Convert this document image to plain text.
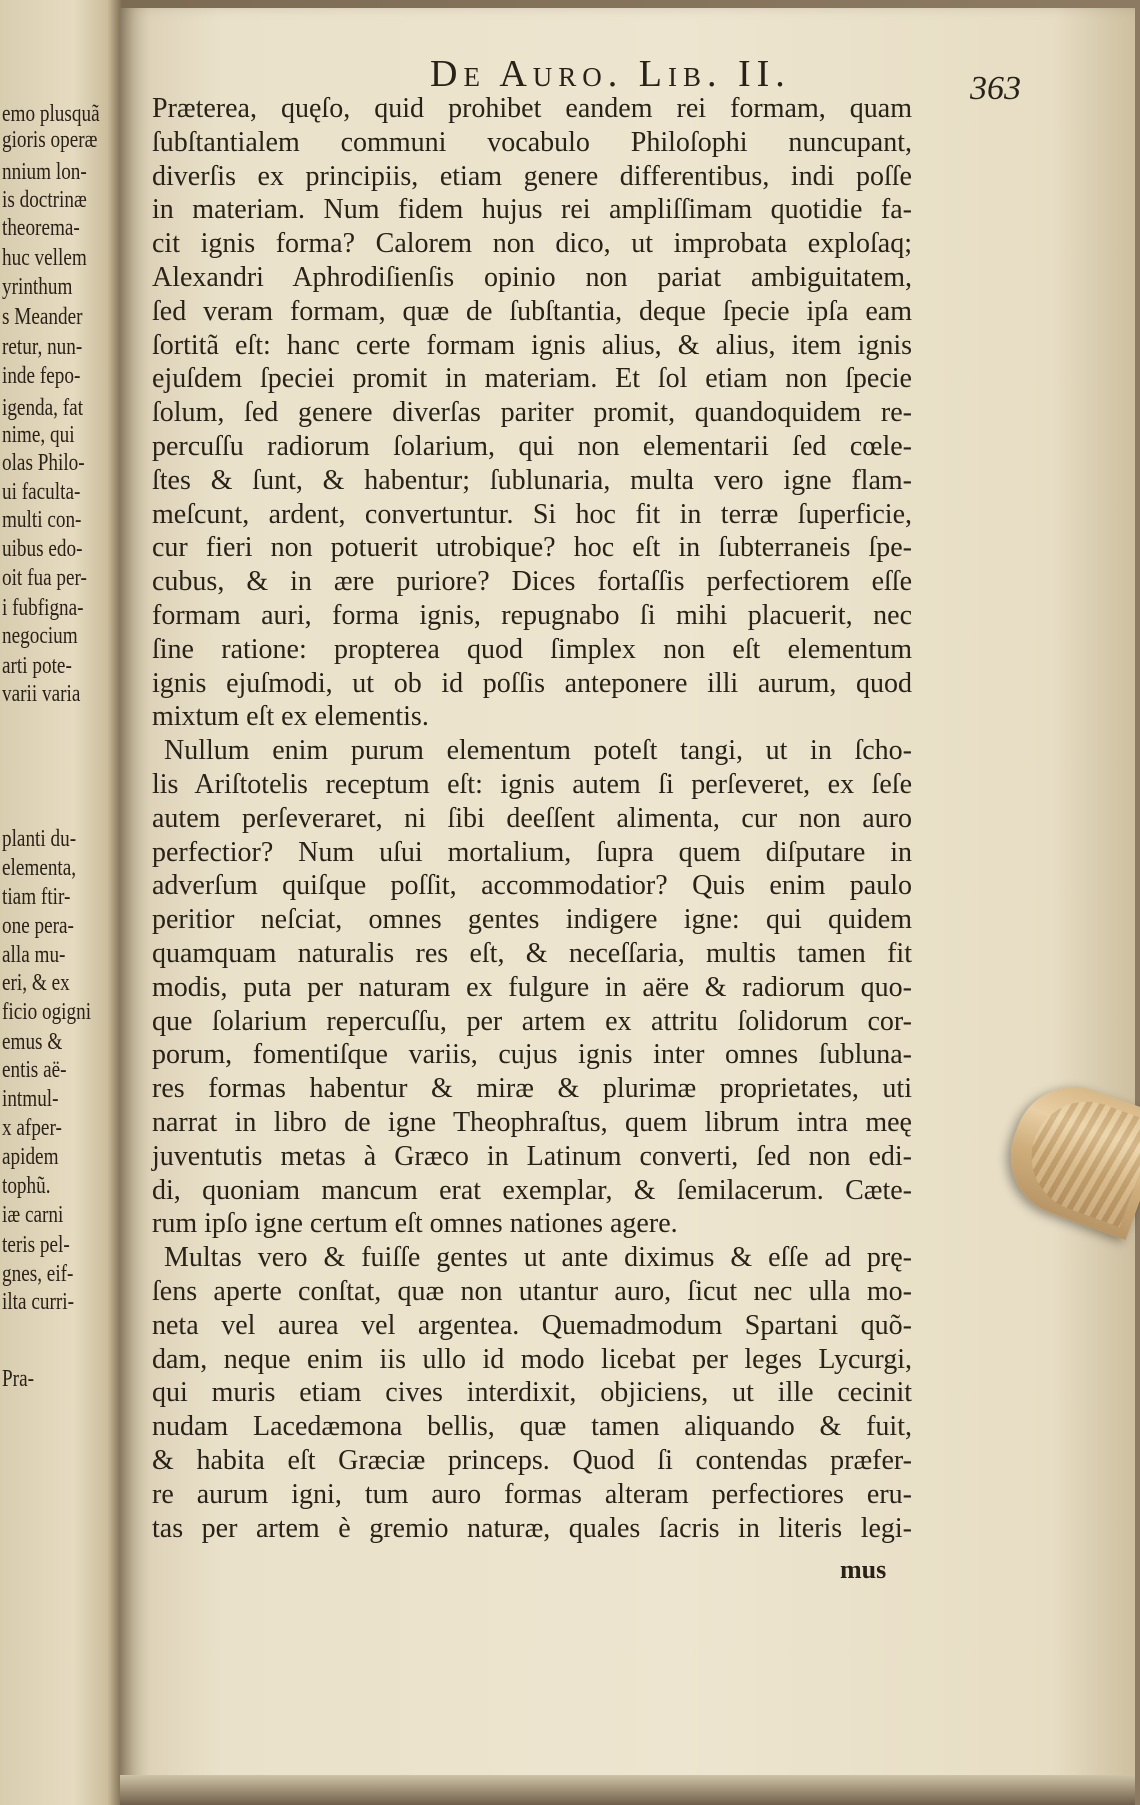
emo plusquã
gioris operæ
nnium lon-
is doctrinæ
theorema-
huc vellem
yrinthum
s Meander
retur, nun-
inde fepo-
igenda, fat
nime, qui
olas Philo-
ui faculta-
multi con-
uibus edo-
oit fua per-
i fubfigna-
negocium
arti pote-
varii varia
planti du-
elementa,
tiam ftir-
one pera-
alla mu-
eri, & ex
ficio ogigni
emus &
entis aë-
intmul-
x afper-
apidem
tophũ.
iæ carni
teris pel-
gnes, eif-
ilta curri-
Pra-
De Auro. Lib. II.	363
mus
Præterea, quęſo, quid prohibet eandem rei formam, quam
ſubſtantialem communi vocabulo Philoſophi nuncupant,
diverſis ex principiis, etiam genere differentibus, indi poſſe
in materiam. Num fidem hujus rei ampliſſimam quotidie fa-
cit ignis forma? Calorem non dico, ut improbata exploſaq;
Alexandri Aphrodiſienſis opinio non pariat ambiguitatem,
ſed veram formam, quæ de ſubſtantia, deque ſpecie ipſa eam
ſortitã eſt: hanc certe formam ignis alius, & alius, item ignis
ejuſdem ſpeciei promit in materiam. Et ſol etiam non ſpecie
ſolum, ſed genere diverſas pariter promit, quandoquidem re-
percuſſu radiorum ſolarium, qui non elementarii ſed cœle-
ſtes & ſunt, & habentur; ſublunaria, multa vero igne flam-
meſcunt, ardent, convertuntur. Si hoc fit in terræ ſuperficie,
cur fieri non potuerit utrobique? hoc eſt in ſubterraneis ſpe-
cubus, & in ære puriore? Dices fortaſſis perfectiorem eſſe
formam auri, forma ignis, repugnabo ſi mihi placuerit, nec
ſine ratione: propterea quod ſimplex non eſt elementum
ignis ejuſmodi, ut ob id poſſis anteponere illi aurum, quod
mixtum eſt ex elementis.
Nullum enim purum elementum poteſt tangi, ut in ſcho-
lis Ariſtotelis receptum eſt: ignis autem ſi perſeveret, ex ſeſe
autem perſeveraret, ni ſibi deeſſent alimenta, cur non auro
perfectior? Num uſui mortalium, ſupra quem diſputare in
adverſum quiſque poſſit, accommodatior? Quis enim paulo
peritior neſciat, omnes gentes indigere igne: qui quidem
quamquam naturalis res eſt, & neceſſaria, multis tamen fit
modis, puta per naturam ex fulgure in aëre & radiorum quo-
que ſolarium repercuſſu, per artem ex attritu ſolidorum cor-
porum, fomentiſque variis, cujus ignis inter omnes ſubluna-
res formas habentur & miræ & plurimæ proprietates, uti
narrat in libro de igne Theophraſtus, quem librum intra meę
juventutis metas à Græco in Latinum converti, ſed non edi-
di, quoniam mancum erat exemplar, & ſemilacerum. Cæte-
rum ipſo igne certum eſt omnes nationes agere.
Multas vero & fuiſſe gentes ut ante diximus & eſſe ad prę-
ſens aperte conſtat, quæ non utantur auro, ſicut nec ulla mo-
neta vel aurea vel argentea. Quemadmodum Spartani quõ-
dam, neque enim iis ullo id modo licebat per leges Lycurgi,
qui muris etiam cives interdixit, objiciens, ut ille cecinit
nudam Lacedæmona bellis, quæ tamen aliquando & fuit,
& habita eſt Græciæ princeps. Quod ſi contendas præfer-
re aurum igni, tum auro formas alteram perfectiores eru-
tas per artem è gremio naturæ, quales ſacris in literis legi-
